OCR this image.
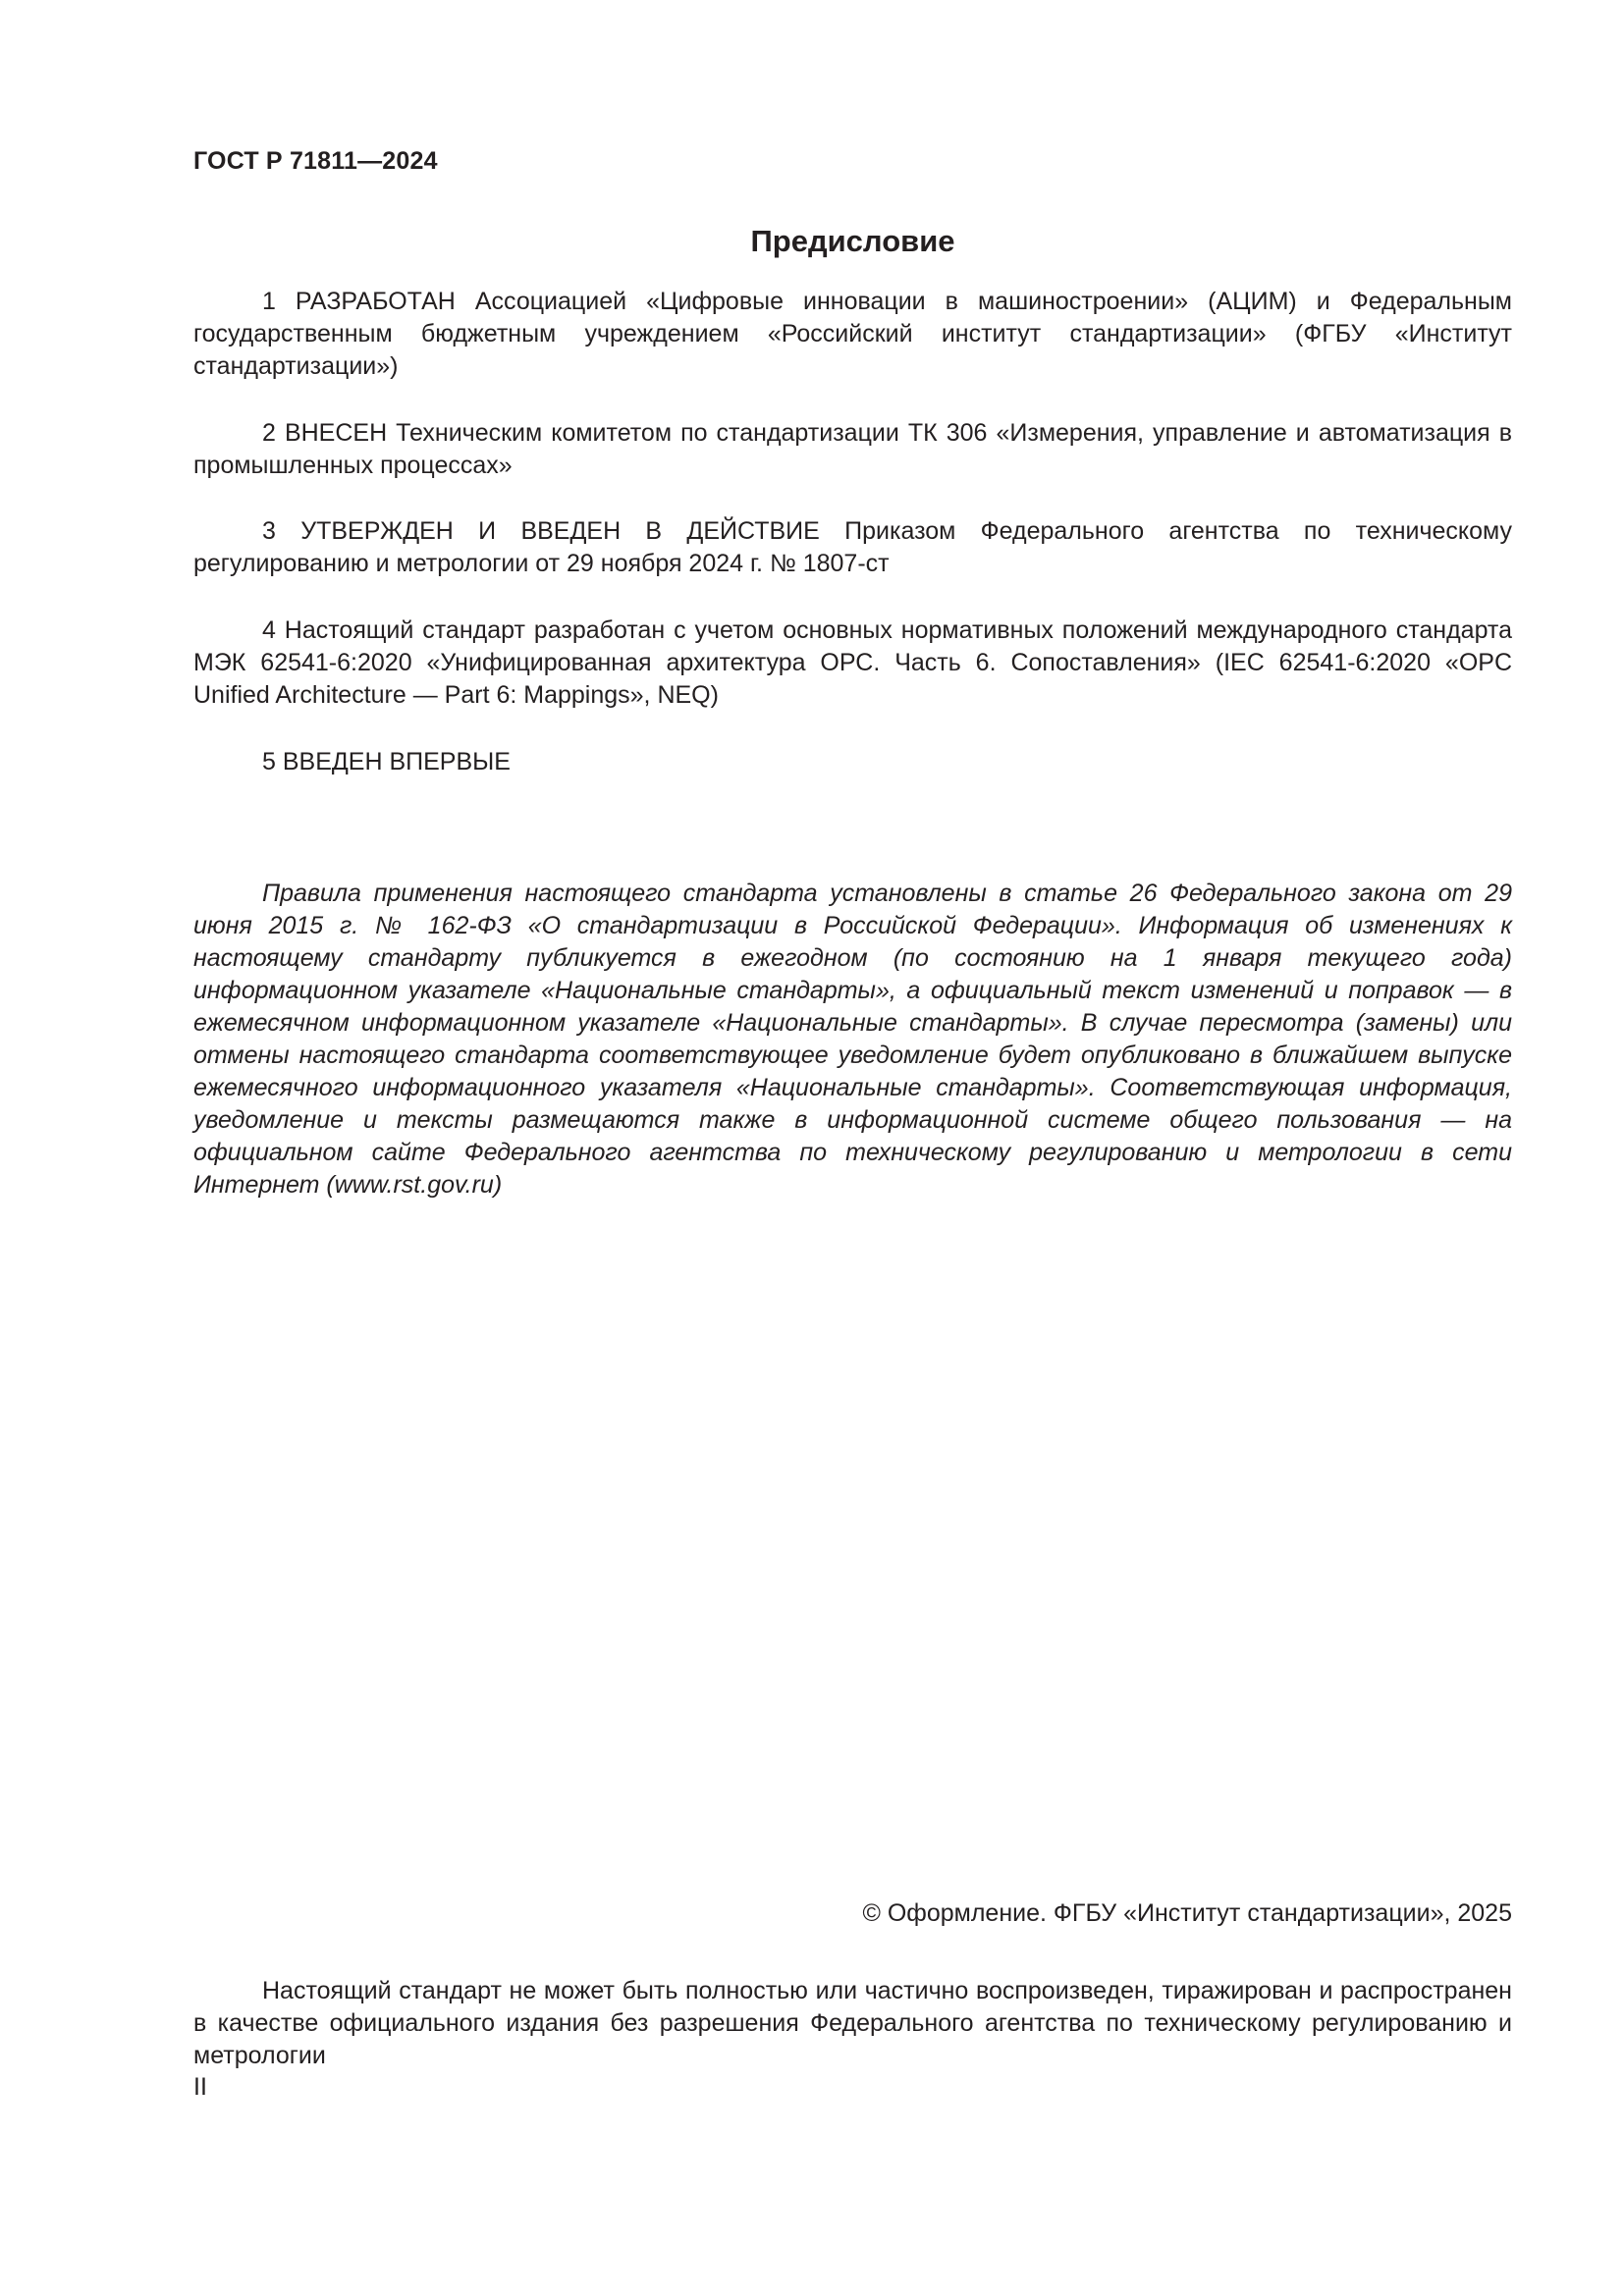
ГОСТ Р 71811—2024
Предисловие

1 РАЗРАБОТАН Ассоциацией «Цифровые инновации в машиностроении» (АЦИМ) и Федеральным государственным бюджетным учреждением «Российский институт стандартизации» (ФГБУ «Институт стандартизации»)

2 ВНЕСЕН Техническим комитетом по стандартизации ТК 306 «Измерения, управление и автоматизация в промышленных процессах»

3 УТВЕРЖДЕН И ВВЕДЕН В ДЕЙСТВИЕ Приказом Федерального агентства по техническому регулированию и метрологии от 29 ноября 2024 г. № 1807-ст

4 Настоящий стандарт разработан с учетом основных нормативных положений международного стандарта МЭК 62541-6:2020 «Унифицированная архитектура ОРС. Часть 6. Сопоставления» (IEC 62541-6:2020 «OPC Unified Architecture — Part 6: Mappings», NEQ)

5 ВВЕДЕН ВПЕРВЫЕ

Правила применения настоящего стандарта установлены в статье 26 Федерального закона от 29 июня 2015 г. № 162-ФЗ «О стандартизации в Российской Федерации». Информация об изменениях к настоящему стандарту публикуется в ежегодном (по состоянию на 1 января текущего года) информационном указателе «Национальные стандарты», а официальный текст изменений и поправок — в ежемесячном информационном указателе «Национальные стандарты». В случае пересмотра (замены) или отмены настоящего стандарта соответствующее уведомление будет опубликовано в ближайшем выпуске ежемесячного информационного указателя «Национальные стандарты». Соответствующая информация, уведомление и тексты размещаются также в информационной системе общего пользования — на официальном сайте Федерального агентства по техническому регулированию и метрологии в сети Интернет (www.rst.gov.ru)

© Оформление. ФГБУ «Институт стандартизации», 2025

Настоящий стандарт не может быть полностью или частично воспроизведен, тиражирован и распространен в качестве официального издания без разрешения Федерального агентства по техническому регулированию и метрологии

II
